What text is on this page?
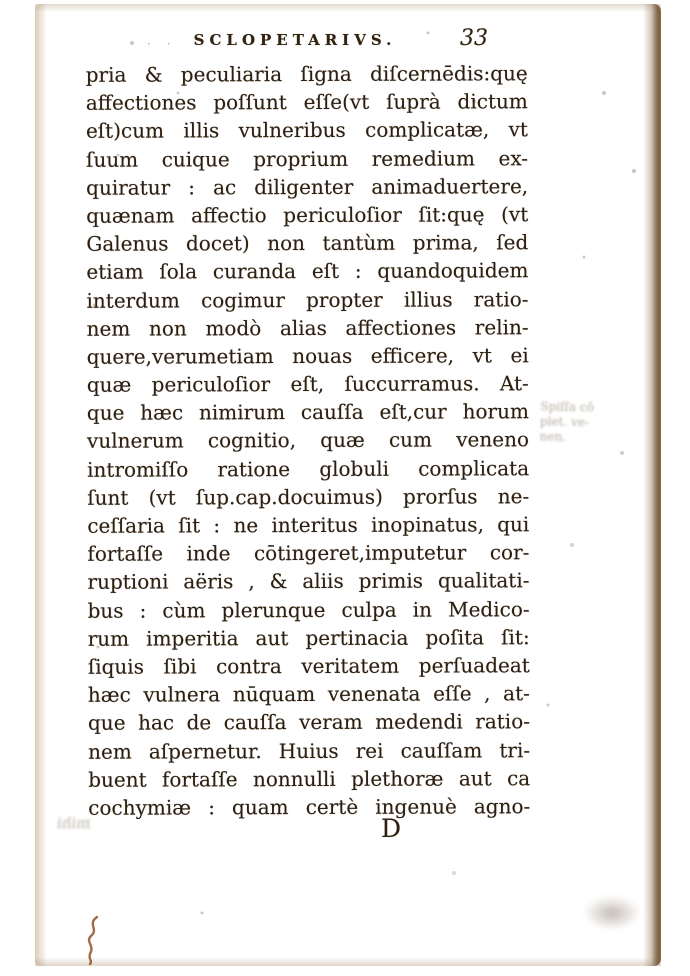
· ·	SCLOPETARIVS.	33
pria & peculiaria ſigna diſcernēdis:quę
affectiones poſſunt eſſe(vt ſuprà dictum
eſt)cum illis vulneribus complicatæ, vt
ſuum cuique proprium remedium ex-
quiratur : ac diligenter animaduertere,
quænam affectio periculoſior ſit:quę (vt
Galenus docet) non tantùm prima, ſed
etiam ſola curanda eſt : quandoquidem
interdum cogimur propter illius ratio-
nem non modò alias affectiones relin-
quere,verumetiam nouas efficere, vt ei
quæ periculoſior eſt, ſuccurramus. At-
que hæc nimirum cauſſa eſt,cur horum
vulnerum cognitio, quæ cum veneno
intromiſſo ratione globuli complicata
ſunt (vt ſup.cap.docuimus) prorſus ne-
ceſſaria ſit : ne interitus inopinatus, qui
fortaſſe inde cōtingeret,imputetur cor-
ruptioni aëris , & aliis primis qualitati-
bus : cùm plerunque culpa in Medico-
rum imperitia aut pertinacia poſita ſit:
ſiquis ſibi contra veritatem perſuadeat
hæc vulnera nūquam venenata eſſe , at-
que hac de cauſſa veram medendi ratio-
nem aſpernetur. Huius rei cauſſam tri-
buent fortaſſe nonnulli plethoræ aut ca
cochymiæ : quam certè ingenuè agno-
D
Spiſſa cō
plet. ve-
nen.
mihi
